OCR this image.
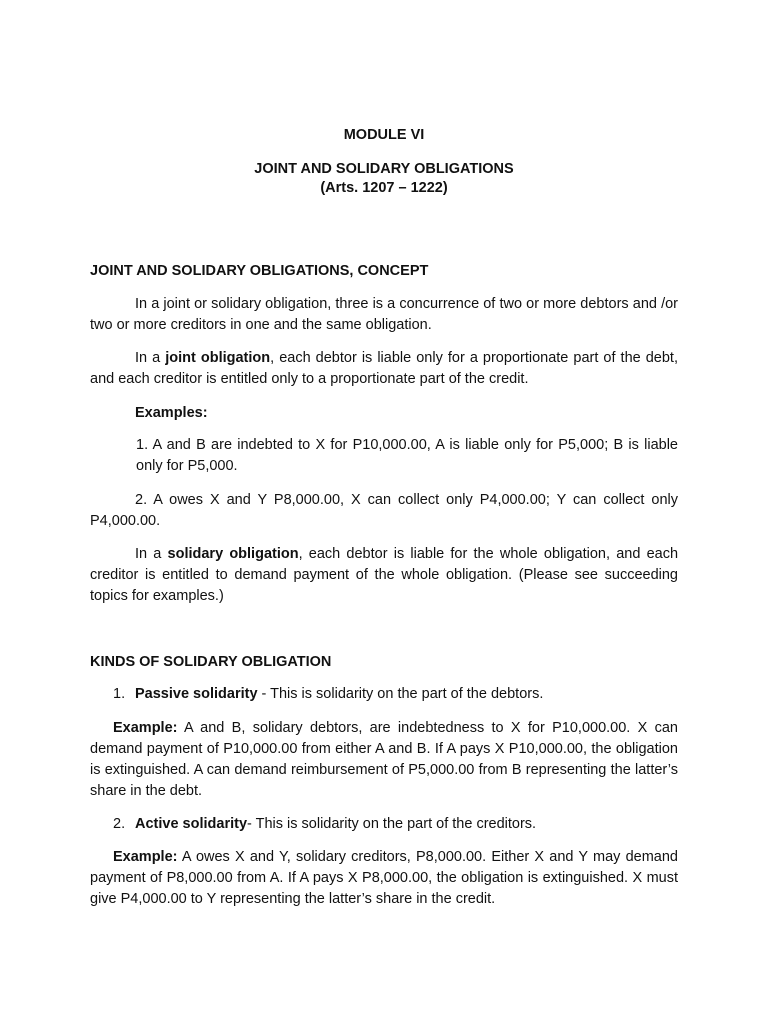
MODULE VI
JOINT AND SOLIDARY OBLIGATIONS
(Arts. 1207 – 1222)
JOINT AND SOLIDARY OBLIGATIONS, CONCEPT
In a joint or solidary obligation, three is a concurrence of two or more debtors and /or two or more creditors in one and the same obligation.
In a joint obligation, each debtor is liable only for a proportionate part of the debt, and each creditor is entitled only to a proportionate part of the credit.
Examples:
1. A and B are indebted to X for P10,000.00, A is liable only for P5,000; B is liable only for P5,000.
2. A owes X and Y P8,000.00, X can collect only P4,000.00; Y can collect only P4,000.00.
In a solidary obligation, each debtor is liable for the whole obligation, and each creditor is entitled to demand payment of the whole obligation. (Please see succeeding topics for examples.)
KINDS OF SOLIDARY OBLIGATION
1. Passive solidarity - This is solidarity on the part of the debtors.
Example: A and B, solidary debtors, are indebtedness to X for P10,000.00. X can demand payment of P10,000.00 from either A and B. If A pays X P10,000.00, the obligation is extinguished. A can demand reimbursement of P5,000.00 from B representing the latter’s share in the debt.
2. Active solidarity- This is solidarity on the part of the creditors.
Example: A owes X and Y, solidary creditors, P8,000.00. Either X and Y may demand payment of P8,000.00 from A. If A pays X P8,000.00, the obligation is extinguished. X must give P4,000.00 to Y representing the latter’s share in the credit.
